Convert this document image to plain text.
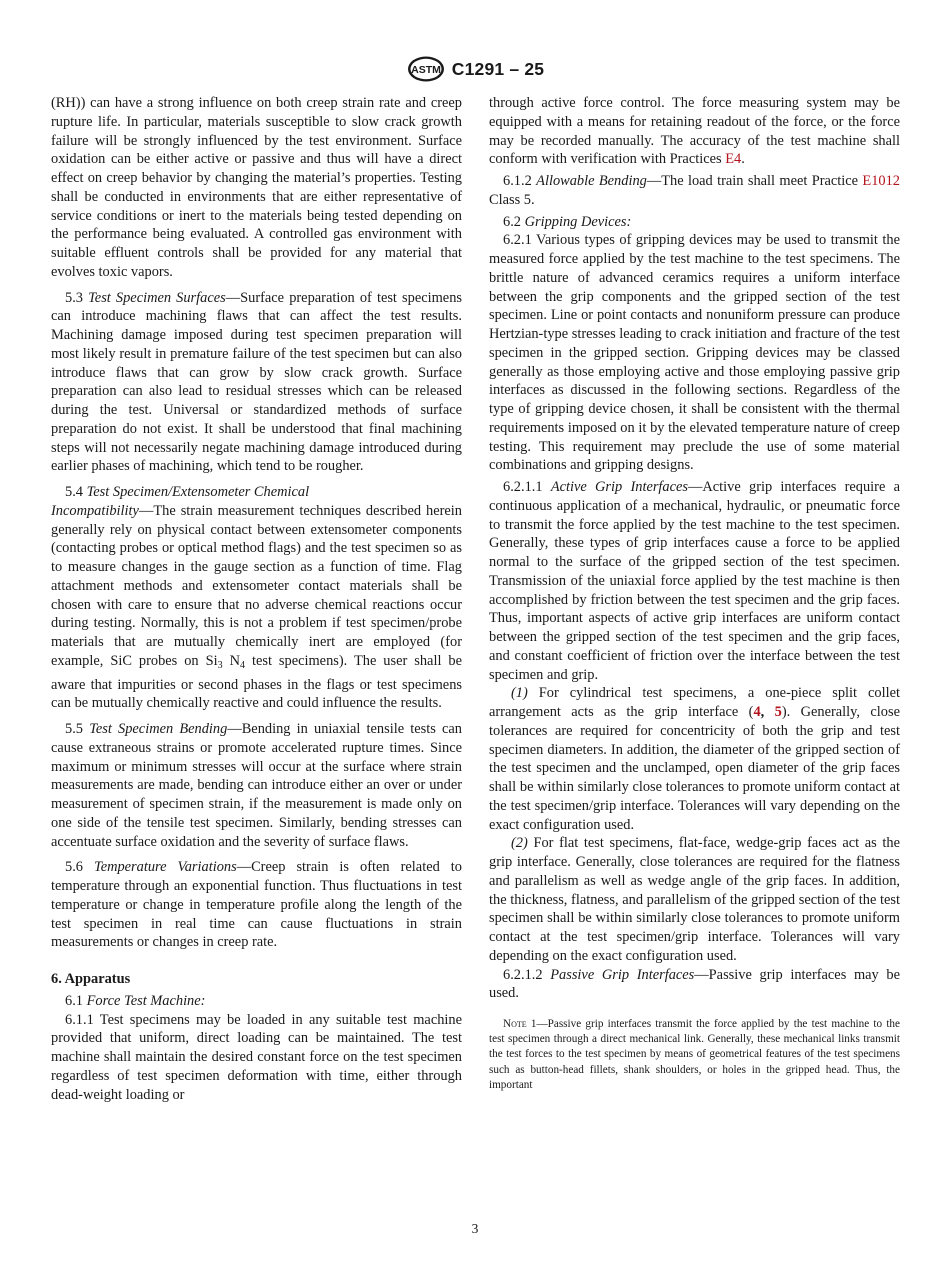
ASTM C1291 – 25

(RH)) can have a strong influence on both creep strain rate and creep rupture life. In particular, materials susceptible to slow crack growth failure will be strongly influenced by the test environment. Surface oxidation can be either active or passive and thus will have a direct effect on creep behavior by changing the material’s properties. Testing shall be conducted in environments that are either representative of service conditions or inert to the materials being tested depending on the performance being evaluated. A controlled gas environment with suitable effluent controls shall be provided for any material that evolves toxic vapors.

5.3 Test Specimen Surfaces—Surface preparation of test specimens can introduce machining flaws that can affect the test results. Machining damage imposed during test specimen preparation will most likely result in premature failure of the test specimen but can also introduce flaws that can grow by slow crack growth. Surface preparation can also lead to residual stresses which can be released during the test. Universal or standardized methods of surface preparation do not exist. It shall be understood that final machining steps will not necessarily negate machining damage introduced during earlier phases of machining, which tend to be rougher.

5.4 Test Specimen/Extensometer Chemical

Incompatibility—The strain measurement techniques described herein generally rely on physical contact between extensometer components (contacting probes or optical method flags) and the test specimen so as to measure changes in the gauge section as a function of time. Flag attachment methods and extensometer contact materials shall be chosen with care to ensure that no adverse chemical reactions occur during testing. Normally, this is not a problem if test specimen/probe materials that are mutually chemically inert are employed (for example, SiC probes on $Si_3$ $N_4$ test specimens). The user shall be aware that impurities or second phases in the flags or test specimens can be mutually chemically reactive and could influence the results.

5.5 Test Specimen Bending—Bending in uniaxial tensile tests can cause extraneous strains or promote accelerated rupture times. Since maximum or minimum stresses will occur at the surface where strain measurements are made, bending can introduce either an over or under measurement of specimen strain, if the measurement is made only on one side of the tensile test specimen. Similarly, bending stresses can accentuate surface oxidation and the severity of surface flaws.

5.6 Temperature Variations—Creep strain is often related to temperature through an exponential function. Thus fluctuations in test temperature or change in temperature profile along the length of the test specimen in real time can cause fluctuations in strain measurements or changes in creep rate.

6. Apparatus

6.1 Force Test Machine:

6.1.1 Test specimens may be loaded in any suitable test machine provided that uniform, direct loading can be maintained. The test machine shall maintain the desired constant force on the test specimen regardless of test specimen deformation with time, either through dead-weight loading or

through active force control. The force measuring system may be equipped with a means for retaining readout of the force, or the force may be recorded manually. The accuracy of the test machine shall conform with verification with Practices E4.

6.1.2 Allowable Bending—The load train shall meet Practice E1012 Class 5.

6.2 Gripping Devices:

6.2.1 Various types of gripping devices may be used to transmit the measured force applied by the test machine to the test specimens. The brittle nature of advanced ceramics requires a uniform interface between the grip components and the gripped section of the test specimen. Line or point contacts and nonuniform pressure can produce Hertzian-type stresses leading to crack initiation and fracture of the test specimen in the gripped section. Gripping devices may be classed generally as those employing active and those employing passive grip interfaces as discussed in the following sections. Regardless of the type of gripping device chosen, it shall be consistent with the thermal requirements imposed on it by the elevated temperature nature of creep testing. This requirement may preclude the use of some material combinations and gripping designs.

6.2.1.1 Active Grip Interfaces—Active grip interfaces require a continuous application of a mechanical, hydraulic, or pneumatic force to transmit the force applied by the test machine to the test specimen. Generally, these types of grip interfaces cause a force to be applied normal to the surface of the gripped section of the test specimen. Transmission of the uniaxial force applied by the test machine is then accomplished by friction between the test specimen and the grip faces. Thus, important aspects of active grip interfaces are uniform contact between the gripped section of the test specimen and the grip faces, and constant coefficient of friction over the interface between the test specimen and grip.

(1) For cylindrical test specimens, a one-piece split collet arrangement acts as the grip interface (4, 5). Generally, close tolerances are required for concentricity of both the grip and test specimen diameters. In addition, the diameter of the gripped section of the test specimen and the unclamped, open diameter of the grip faces shall be within similarly close tolerances to promote uniform contact at the test specimen/grip interface. Tolerances will vary depending on the exact configuration used.

(2) For flat test specimens, flat-face, wedge-grip faces act as the grip interface. Generally, close tolerances are required for the flatness and parallelism as well as wedge angle of the grip faces. In addition, the thickness, flatness, and parallelism of the gripped section of the test specimen shall be within similarly close tolerances to promote uniform contact at the test specimen/grip interface. Tolerances will vary depending on the exact configuration used.

6.2.1.2 Passive Grip Interfaces—Passive grip interfaces may be used.

Note 1—Passive grip interfaces transmit the force applied by the test machine to the test specimen through a direct mechanical link. Generally, these mechanical links transmit the test forces to the test specimen by means of geometrical features of the test specimens such as button-head fillets, shank shoulders, or holes in the gripped head. Thus, the important

3
